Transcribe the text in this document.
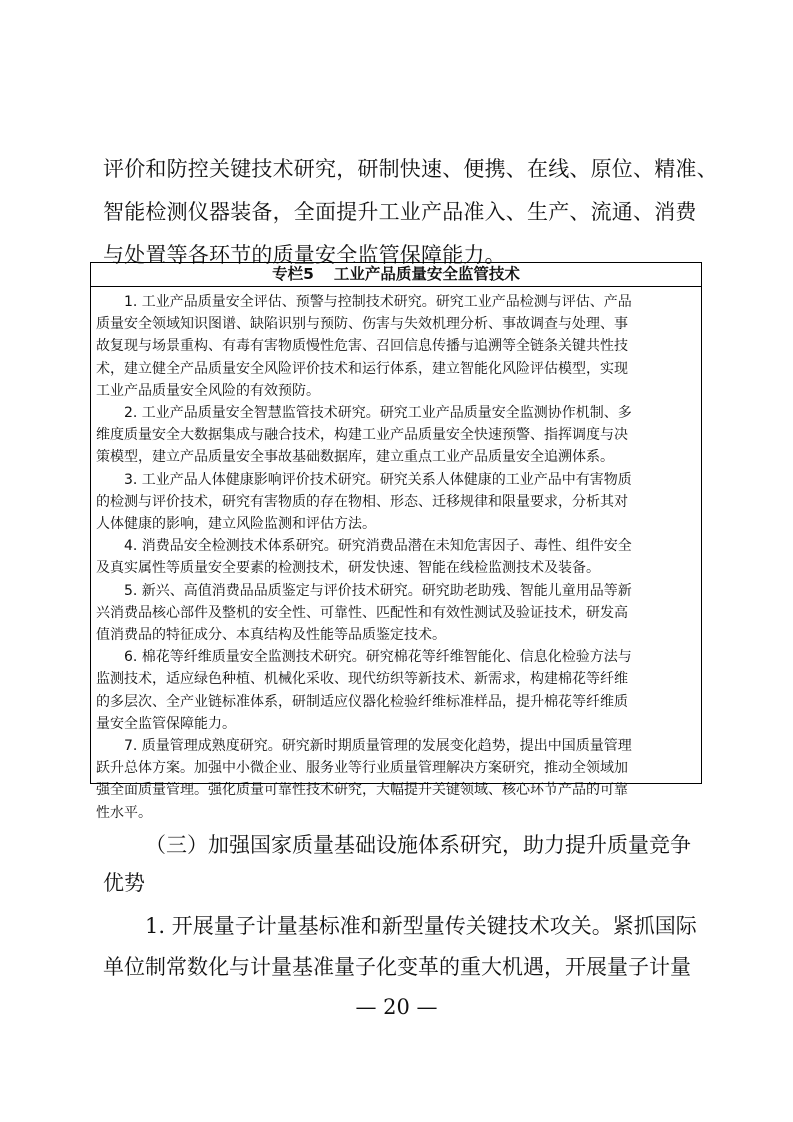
评价和防控关键技术研究，研制快速、便携、在线、原位、精准、
智能检测仪器装备，全面提升工业产品准入、生产、流通、消费
与处置等各环节的质量安全监管保障能力。
专栏5 工业产品质量安全监管技术
1. 工业产品质量安全评估、预警与控制技术研究。研究工业产品检测与评估、产品
质量安全领域知识图谱、缺陷识别与预防、伤害与失效机理分析、事故调查与处理、事
故复现与场景重构、有毒有害物质慢性危害、召回信息传播与追溯等全链条关键共性技
术，建立健全产品质量安全风险评价技术和运行体系，建立智能化风险评估模型，实现
工业产品质量安全风险的有效预防。
2. 工业产品质量安全智慧监管技术研究。研究工业产品质量安全监测协作机制、多
维度质量安全大数据集成与融合技术，构建工业产品质量安全快速预警、指挥调度与决
策模型，建立产品质量安全事故基础数据库，建立重点工业产品质量安全追溯体系。
3. 工业产品人体健康影响评价技术研究。研究关系人体健康的工业产品中有害物质
的检测与评价技术，研究有害物质的存在物相、形态、迁移规律和限量要求，分析其对
人体健康的影响，建立风险监测和评估方法。
4. 消费品安全检测技术体系研究。研究消费品潜在未知危害因子、毒性、组件安全
及真实属性等质量安全要素的检测技术，研发快速、智能在线检监测技术及装备。
5. 新兴、高值消费品品质鉴定与评价技术研究。研究助老助残、智能儿童用品等新
兴消费品核心部件及整机的安全性、可靠性、匹配性和有效性测试及验证技术，研发高
值消费品的特征成分、本真结构及性能等品质鉴定技术。
6. 棉花等纤维质量安全监测技术研究。研究棉花等纤维智能化、信息化检验方法与
监测技术，适应绿色种植、机械化采收、现代纺织等新技术、新需求，构建棉花等纤维
的多层次、全产业链标准体系，研制适应仪器化检验纤维标准样品，提升棉花等纤维质
量安全监管保障能力。
7. 质量管理成熟度研究。研究新时期质量管理的发展变化趋势，提出中国质量管理
跃升总体方案。加强中小微企业、服务业等行业质量管理解决方案研究，推动全领域加
强全面质量管理。强化质量可靠性技术研究，大幅提升关键领域、核心环节产品的可靠
性水平。
（三）加强国家质量基础设施体系研究，助力提升质量竞争
优势
1. 开展量子计量基标准和新型量传关键技术攻关。紧抓国际
单位制常数化与计量基准量子化变革的重大机遇，开展量子计量
— 20 —
